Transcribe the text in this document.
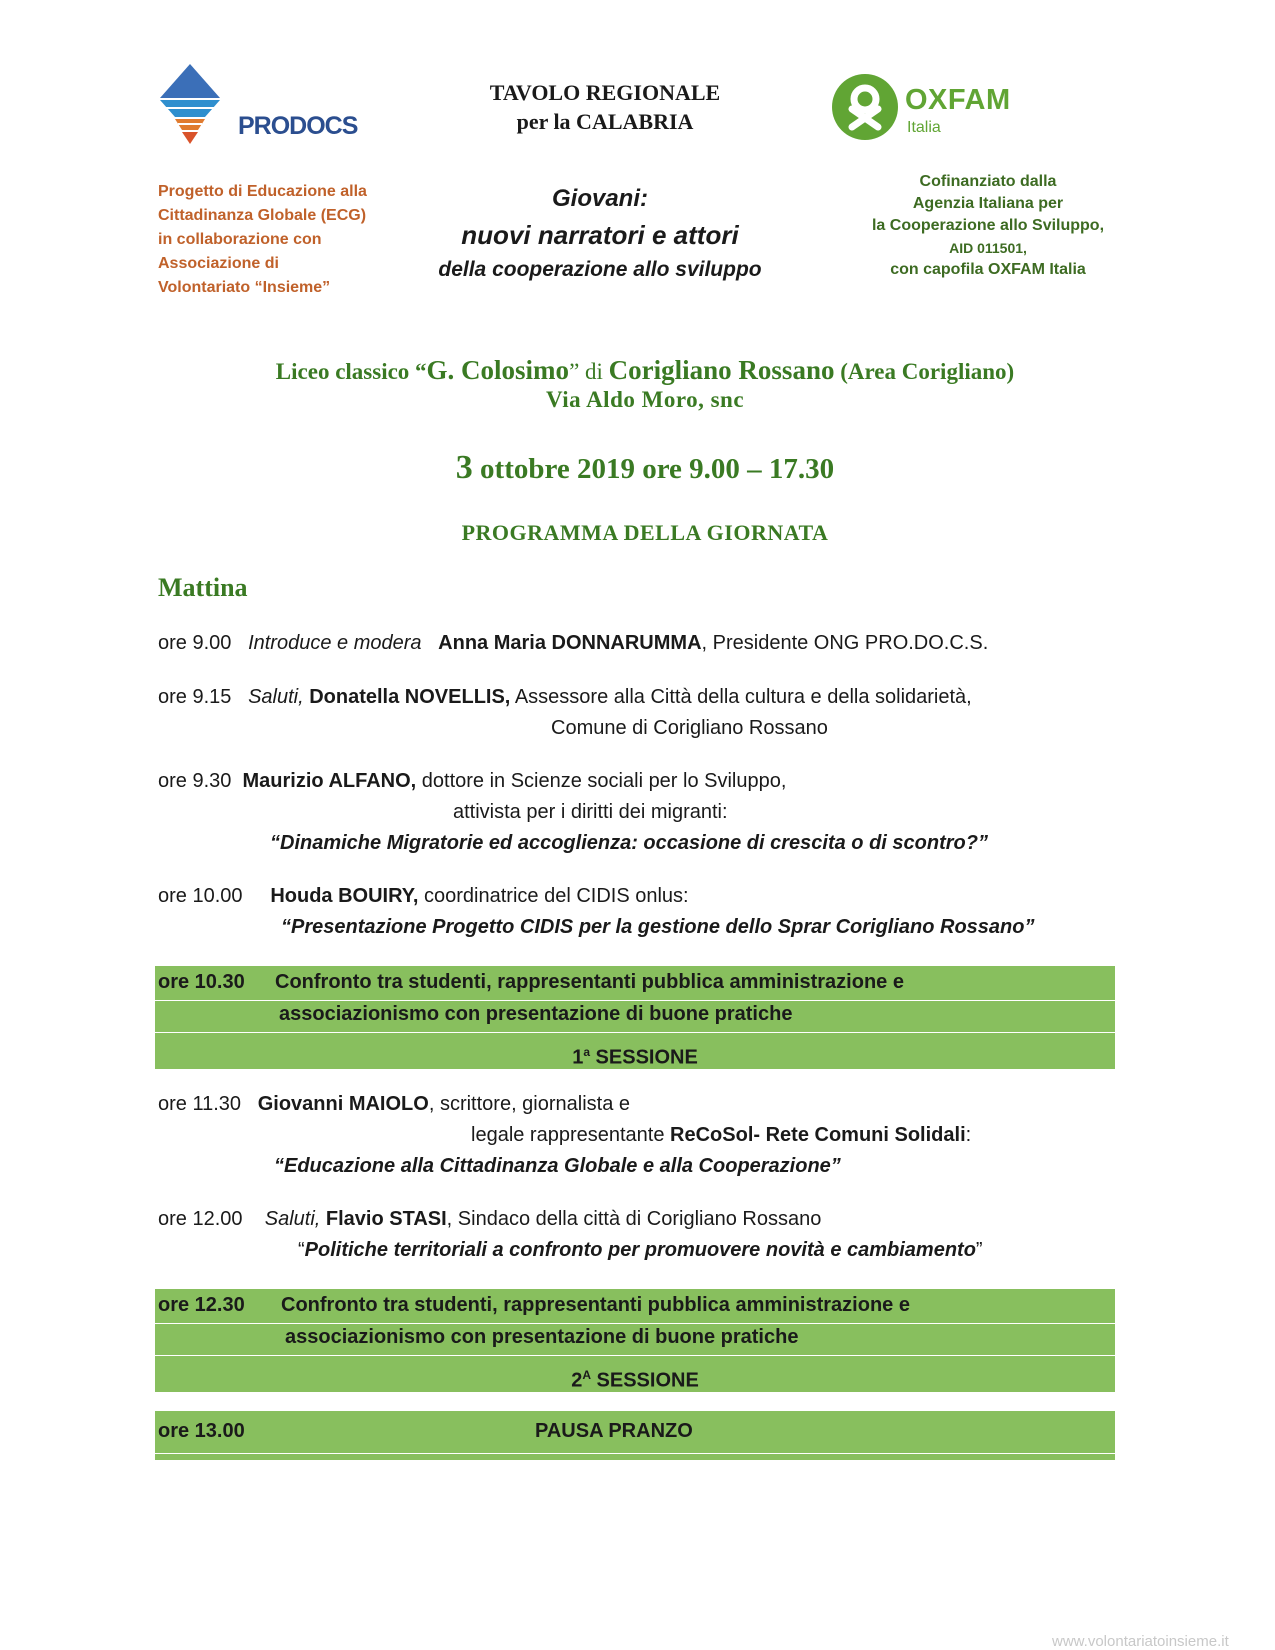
PRODOCS
OXFAM
Italia
TAVOLO REGIONALE
per la CALABRIA
Progetto di Educazione alla
Cittadinanza Globale (ECG)
in collaborazione con
Associazione di
Volontariato “Insieme”
Giovani:
nuovi narratori e attori
della cooperazione allo sviluppo
Cofinanziato dalla
Agenzia Italiana per
la Cooperazione allo Sviluppo,
AID 011501,
con capofila OXFAM Italia
Liceo classico “G. Colosimo” di Corigliano Rossano (Area Corigliano)
Via Aldo Moro, snc
3 ottobre 2019 ore 9.00 – 17.30
PROGRAMMA DELLA GIORNATA
Mattina
ore 9.00 Introduce e modera Anna Maria DONNARUMMA, Presidente ONG PRO.DO.C.S.
ore 9.15 Saluti, Donatella NOVELLIS, Assessore alla Città della cultura e della solidarietà,
Comune di Corigliano Rossano
ore 9.30 Maurizio ALFANO, dottore in Scienze sociali per lo Sviluppo,
attivista per i diritti dei migranti:
“Dinamiche Migratorie ed accoglienza: occasione di crescita o di scontro?”
ore 10.00 Houda BOUIRY, coordinatrice del CIDIS onlus:
“Presentazione Progetto CIDIS per la gestione dello Sprar Corigliano Rossano”
ore 10.30 Confronto tra studenti, rappresentanti pubblica amministrazione e
associazionismo con presentazione di buone pratiche
1$^a$ SESSIONE
ore 11.30 Giovanni MAIOLO, scrittore, giornalista e
legale rappresentante ReCoSol- Rete Comuni Solidali:
“Educazione alla Cittadinanza Globale e alla Cooperazione”
ore 12.00 Saluti, Flavio STASI, Sindaco della città di Corigliano Rossano
“Politiche territoriali a confronto per promuovere novità e cambiamento”
ore 12.30 Confronto tra studenti, rappresentanti pubblica amministrazione e
associazionismo con presentazione di buone pratiche
$2^A$ SESSIONE
ore 13.00	PAUSA PRANZO
www.volontariatoinsieme.it
